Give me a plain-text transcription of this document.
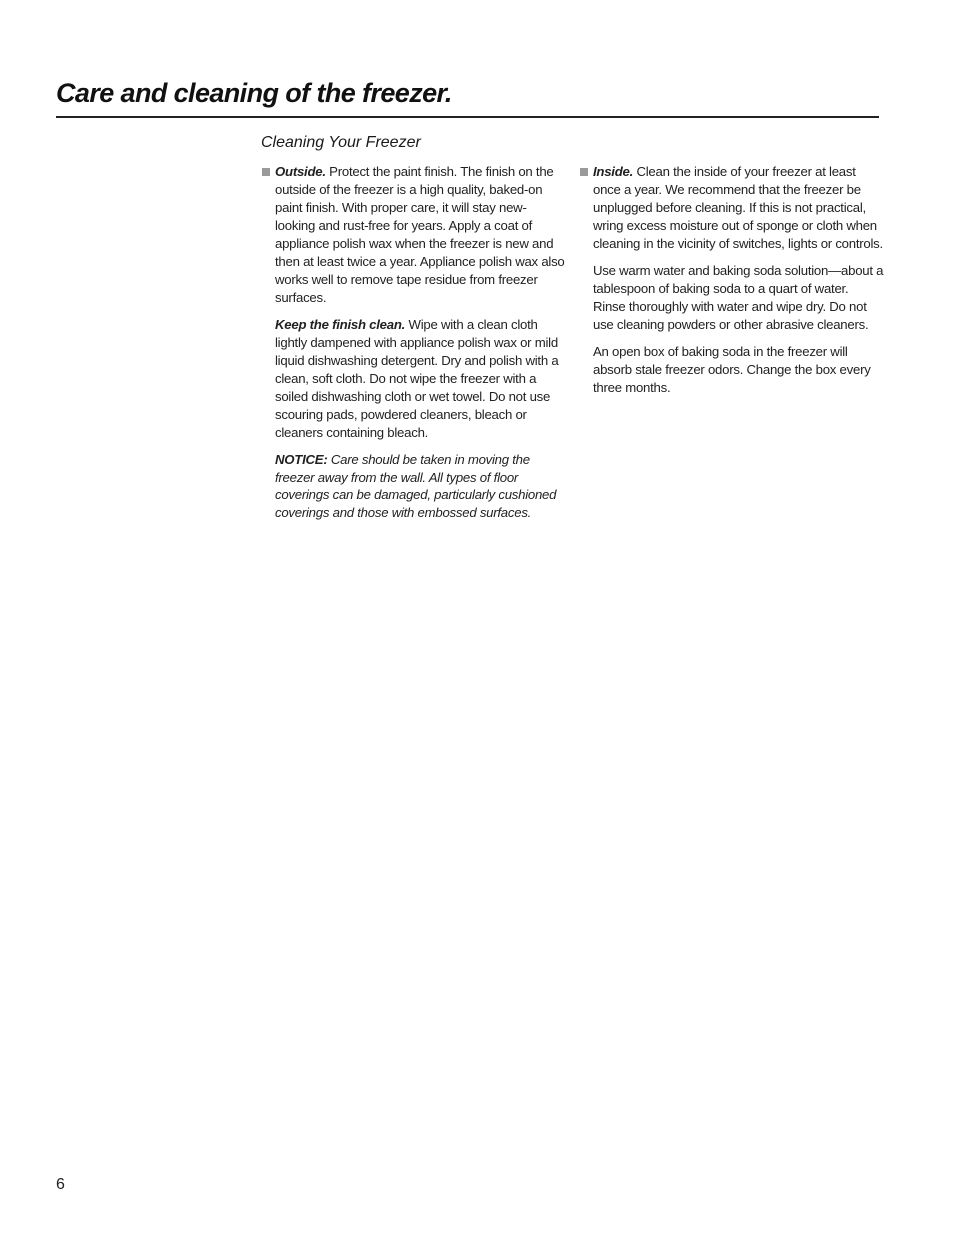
Care and cleaning of the freezer.
Cleaning Your Freezer
Outside. Protect the paint finish. The finish on the outside of the freezer is a high quality, baked-on paint finish. With proper care, it will stay new-looking and rust-free for years. Apply a coat of appliance polish wax when the freezer is new and then at least twice a year. Appliance polish wax also works well to remove tape residue from freezer surfaces.

Keep the finish clean. Wipe with a clean cloth lightly dampened with appliance polish wax or mild liquid dishwashing detergent. Dry and polish with a clean, soft cloth. Do not wipe the freezer with a soiled dishwashing cloth or wet towel. Do not use scouring pads, powdered cleaners, bleach or cleaners containing bleach.

NOTICE: Care should be taken in moving the freezer away from the wall. All types of floor coverings can be damaged, particularly cushioned coverings and those with embossed surfaces.

Inside. Clean the inside of your freezer at least once a year. We recommend that the freezer be unplugged before cleaning. If this is not practical, wring excess moisture out of sponge or cloth when cleaning in the vicinity of switches, lights or controls.

Use warm water and baking soda solution—about a tablespoon of baking soda to a quart of water. Rinse thoroughly with water and wipe dry. Do not use cleaning powders or other abrasive cleaners.

An open box of baking soda in the freezer will absorb stale freezer odors. Change the box every three months.

6
